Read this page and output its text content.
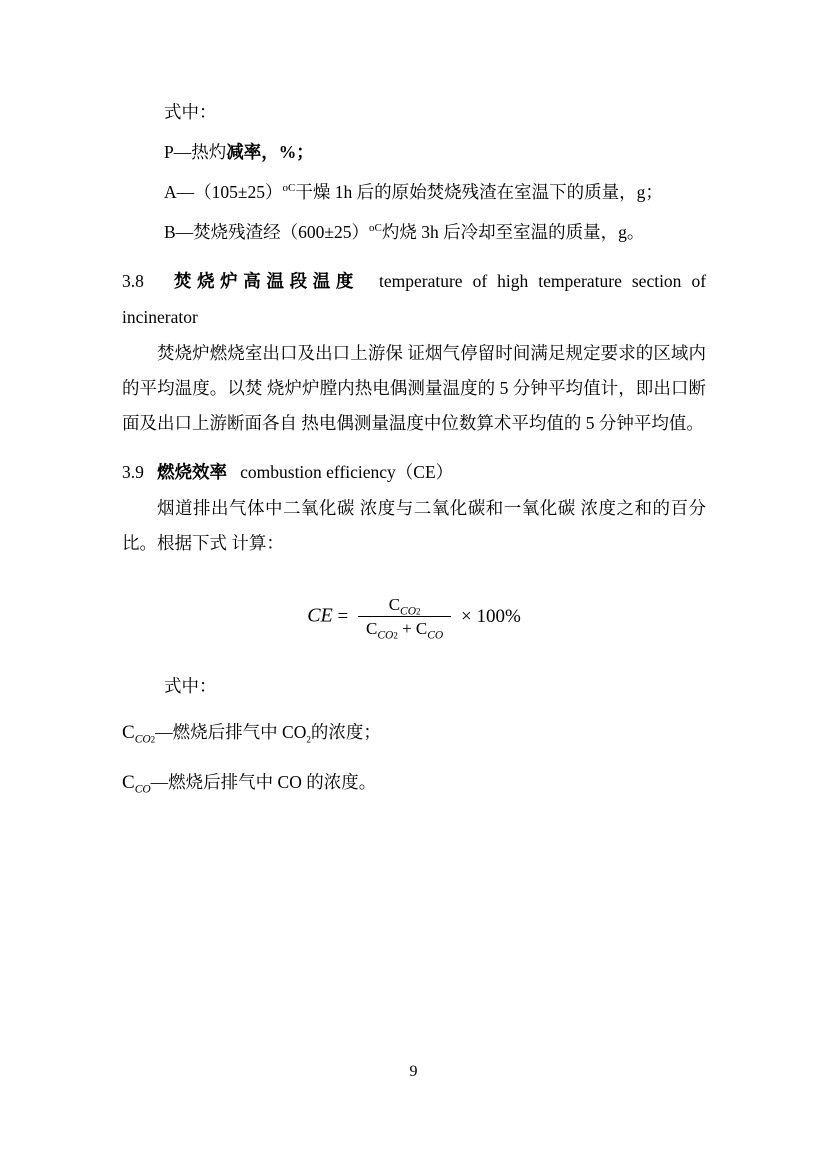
式中：

P—热灼减率，%；

$A—(105\pm 25)^{oC}$干燥 1h 后的原始焚烧残渣在室温下的质量，g；

B—焚烧残渣经$(600\pm 25)^{oC}$灼烧 3h 后冷却至室温的质量，g。

3.8 焚烧炉高温段温度 temperature of high temperature section of
incinerator

焚烧炉燃烧室出口及出口上游保 证烟气停留时间满足规定要求的区域内的平均温度。以焚 烧炉炉膛内热电偶测量温度的 5 分钟平均值计，即出口断面及出口上游断面各自 热电偶测量温度中位数算术平均值的 5 分钟平均值。

3.9 燃烧效率 combustion efficiency（CE）

烟道排出气体中二氧化碳 浓度与二氧化碳和一氧化碳 浓度之和的百分比。根据下式 计算：

CE = $\frac{C_{CO2}}{C_{CO2} + C_{CO}} \times 100\%$

式中：

$C_{CO2}—$燃烧后排气中 $CO_2$的浓度；

$C_{CO}—$燃烧后排气中 CO 的浓度。

9
